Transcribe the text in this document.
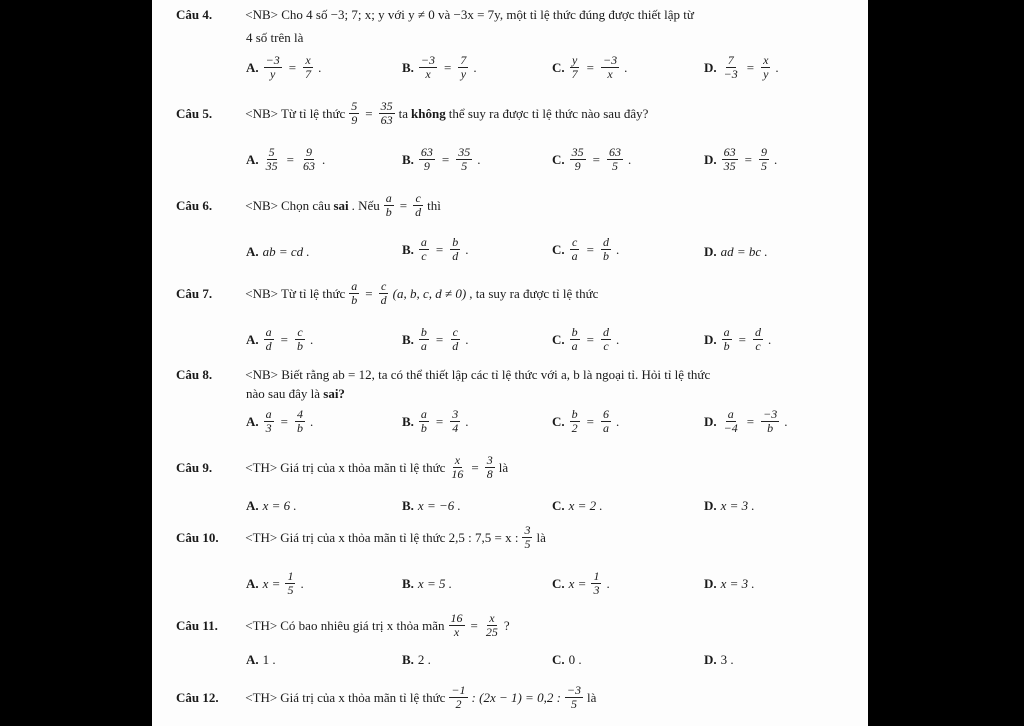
Câu 4.	<NB> Cho 4 số −3; 7; x; y với y ≠ 0 và −3x = 7y, một tỉ lệ thức đúng được thiết lập từ
4 số trên là
A. $\frac{-3}{y} = \frac{x}{7}$ .	B. $\frac{-3}{x} = \frac{7}{y}$ .	C. $\frac{y}{7} = \frac{-3}{x}$ .	D. $\frac{7}{-3} = \frac{x}{y}$ .
Câu 5.	<NB> Từ tỉ lệ thức $\frac{5}{9} = \frac{35}{63}$ ta không thể suy ra được tỉ lệ thức nào sau đây?
A. $\frac{5}{35} = \frac{9}{63}$ .	B. $\frac{63}{9} = \frac{35}{5}$ .	C. $\frac{35}{9} = \frac{63}{5}$ .	D. $\frac{63}{35} = \frac{9}{5}$ .
Câu 6.	<NB> Chọn câu sai . Nếu $\frac{a}{b} = \frac{c}{d}$ thì
A. ab = cd .	B. $\frac{a}{c} = \frac{b}{d}$ .	C. $\frac{c}{a} = \frac{d}{b}$ .	D. ad = bc .
Câu 7.	<NB> Từ tỉ lệ thức $\frac{a}{b} = \frac{c}{d} (a$, b, c, d ≠ 0) , ta suy ra được tỉ lệ thức
A. $\frac{a}{d} = \frac{c}{b}$ .	B. $\frac{b}{a} = \frac{c}{d}$ .	C. $\frac{b}{a} = \frac{d}{c}$ .	D. $\frac{a}{b} = \frac{d}{c}$ .
Câu 8.	<NB> Biết rằng ab = 12, ta có thể thiết lập các tỉ lệ thức với a, b là ngoại tỉ. Hỏi tỉ lệ thức
nào sau đây là sai?
A. $\frac{a}{3} = \frac{4}{b}$ .	B. $\frac{a}{b} = \frac{3}{4}$ .	C. $\frac{b}{2} = \frac{6}{a}$ .	D. $\frac{a}{-4} = \frac{-3}{b}$ .
Câu 9.	<TH> Giá trị của x thỏa mãn tỉ lệ thức $\frac{x}{16} = \frac{3}{8}$ là
A. x = 6 .	B. x = −6 .	C. x = 2 .	D. x = 3 .
Câu 10. <TH> Giá trị của x thỏa mãn tỉ lệ thức 2,5 : 7,5 = x : $\frac{3}{5}$ là
A. $x = \frac{1}{5}$ .	B. x = 5 .	C. $x = \frac{1}{3}$ .	D. x = 3 .
Câu 11. <TH> Có bao nhiêu giá trị x thỏa mãn $\frac{16}{x} = \frac{x}{25}$ ?
A. 1 .	B. 2 .	C. 0 .	D. 3 .
Câu 12. <TH> Giá trị của x thỏa mãn tỉ lệ thức $\frac{-1}{2}$ : (2x − 1) = 0,2 : $\frac{-3}{5}$ là
